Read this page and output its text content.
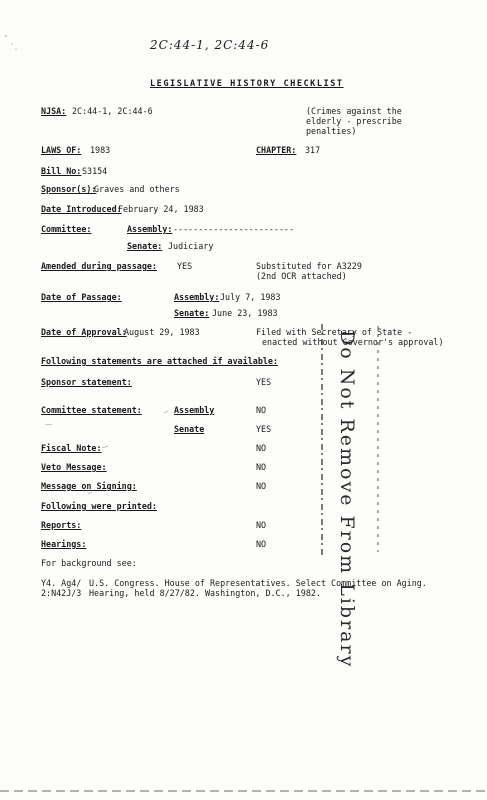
2C:44-1, 2C:44-6
LEGISLATIVE HISTORY CHECKLIST
NJSA: 2C:44-1, 2C:44-6	(Crimes against the
elderly - prescribe
penalties)
LAWS OF: 1983	CHAPTER: 317
Bill No: S3154
Sponsor(s):
Graves and others
Date Introduced:
February 24, 1983
Committee:	Assembly: ------------------------
Senate: Judiciary
Amended during passage: YES	Substituted for A3229
(2nd OCR attached)
Date of Passage:	Assembly: July 7, 1983
Senate: June 23, 1983
Date of Approval:
August 29, 1983	Filed with Secretary of State -
enacted without Governor's approval)
Following statements are attached if available:
Sponsor statement:	YES
Committee statement:	Assembly	NO
Senate	YES
Fiscal Note:	NO
Veto Message:	NO
Message on Signing:	NO
Following were printed:
Reports:	NO
Hearings:	NO
For background see:
Y4. Ag4/
2:N42J/3
U.S. Congress. House of Representatives. Select Committee on Aging.
Hearing, held 8/27/82. Washington, D.C., 1982. Do Not Remove From Library
